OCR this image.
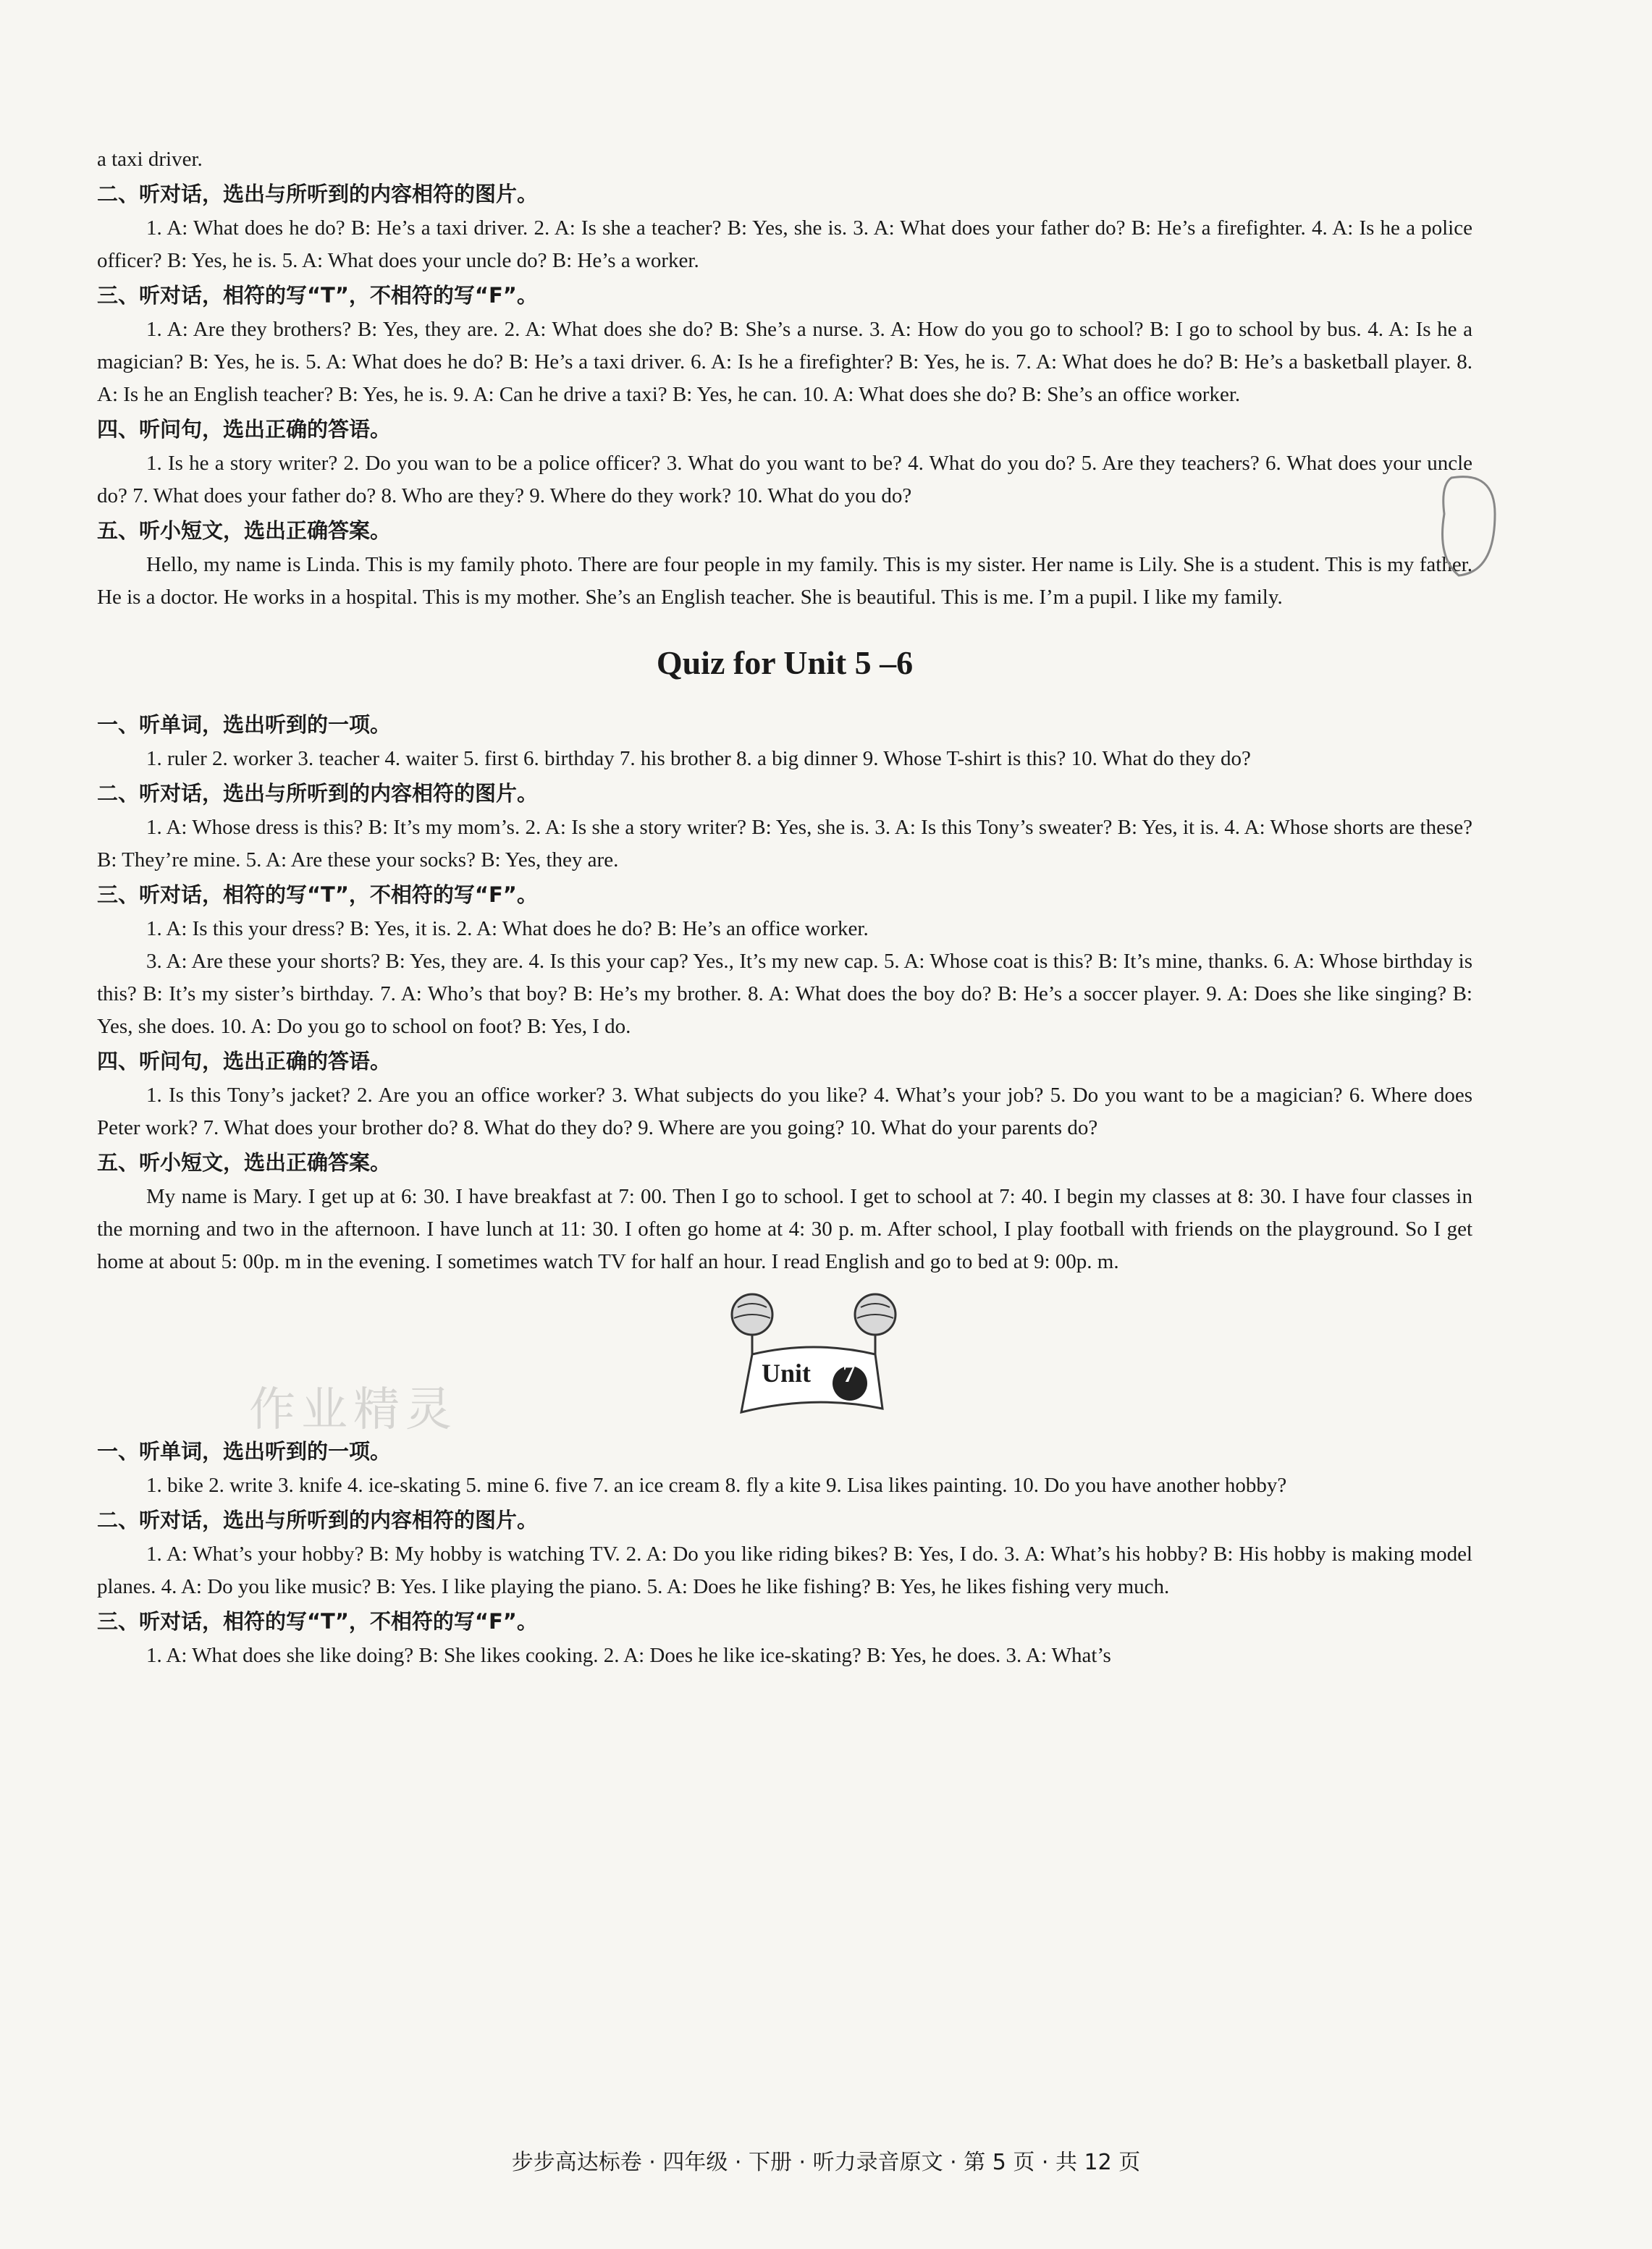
a taxi driver.

二、听对话，选出与所听到的内容相符的图片。

1. A: What does he do? B: He’s a taxi driver. 2. A: Is she a teacher? B: Yes, she is. 3. A: What does your father do? B: He’s a firefighter. 4. A: Is he a police officer? B: Yes, he is. 5. A: What does your uncle do? B: He’s a worker.

三、听对话，相符的写“T”，不相符的写“F”。

1. A: Are they brothers? B: Yes, they are. 2. A: What does she do? B: She’s a nurse. 3. A: How do you go to school? B: I go to school by bus. 4. A: Is he a magician? B: Yes, he is. 5. A: What does he do? B: He’s a taxi driver. 6. A: Is he a firefighter? B: Yes, he is. 7. A: What does he do? B: He’s a basketball player. 8. A: Is he an English teacher? B: Yes, he is. 9. A: Can he drive a taxi? B: Yes, he can. 10. A: What does she do? B: She’s an office worker.

四、听问句，选出正确的答语。

1. Is he a story writer? 2. Do you wan to be a police officer? 3. What do you want to be? 4. What do you do? 5. Are they teachers? 6. What does your uncle do? 7. What does your father do? 8. Who are they? 9. Where do they work? 10. What do you do?

五、听小短文，选出正确答案。

Hello, my name is Linda. This is my family photo. There are four people in my family. This is my sister. Her name is Lily. She is a student. This is my father. He is a doctor. He works in a hospital. This is my mother. She’s an English teacher. She is beautiful. This is me. I’m a pupil. I like my family.

Quiz for Unit 5 –6

一、听单词，选出听到的一项。

1. ruler 2. worker 3. teacher 4. waiter 5. first 6. birthday 7. his brother 8. a big dinner 9. Whose T-shirt is this? 10. What do they do?

二、听对话，选出与所听到的内容相符的图片。

1. A: Whose dress is this? B: It’s my mom’s. 2. A: Is she a story writer? B: Yes, she is. 3. A: Is this Tony’s sweater? B: Yes, it is. 4. A: Whose shorts are these? B: They’re mine. 5. A: Are these your socks? B: Yes, they are.

三、听对话，相符的写“T”，不相符的写“F”。

1. A: Is this your dress? B: Yes, it is. 2. A: What does he do? B: He’s an office worker.

3. A: Are these your shorts? B: Yes, they are. 4. Is this your cap? Yes., It’s my new cap. 5. A: Whose coat is this? B: It’s mine, thanks. 6. A: Whose birthday is this? B: It’s my sister’s birthday. 7. A: Who’s that boy? B: He’s my brother. 8. A: What does the boy do? B: He’s a soccer player. 9. A: Does she like singing? B: Yes, she does. 10. A: Do you go to school on foot? B: Yes, I do.

四、听问句，选出正确的答语。

1. Is this Tony’s jacket? 2. Are you an office worker? 3. What subjects do you like? 4. What’s your job? 5. Do you want to be a magician? 6. Where does Peter work? 7. What does your brother do? 8. What do they do? 9. Where are you going? 10. What do your parents do?

五、听小短文，选出正确答案。

My name is Mary. I get up at 6: 30. I have breakfast at 7: 00. Then I go to school. I get to school at 7: 40. I begin my classes at 8: 30. I have four classes in the morning and two in the afternoon. I have lunch at 11: 30. I often go home at 4: 30 p. m. After school, I play football with friends on the playground. So I get home at about 5: 00p. m in the evening. I sometimes watch TV for half an hour. I read English and go to bed at 9: 00p. m.

Unit 7
作业精灵

一、听单词，选出听到的一项。

1. bike 2. write 3. knife 4. ice-skating 5. mine 6. five 7. an ice cream 8. fly a kite 9. Lisa likes painting. 10. Do you have another hobby?

二、听对话，选出与所听到的内容相符的图片。

1. A: What’s your hobby? B: My hobby is watching TV. 2. A: Do you like riding bikes? B: Yes, I do. 3. A: What’s his hobby? B: His hobby is making model planes. 4. A: Do you like music? B: Yes. I like playing the piano. 5. A: Does he like fishing? B: Yes, he likes fishing very much.

三、听对话，相符的写“T”，不相符的写“F”。

1. A: What does she like doing? B: She likes cooking. 2. A: Does he like ice-skating? B: Yes, he does. 3. A: What’s

步步高达标卷 · 四年级 · 下册 · 听力录音原文 · 第 5 页 · 共 12 页
